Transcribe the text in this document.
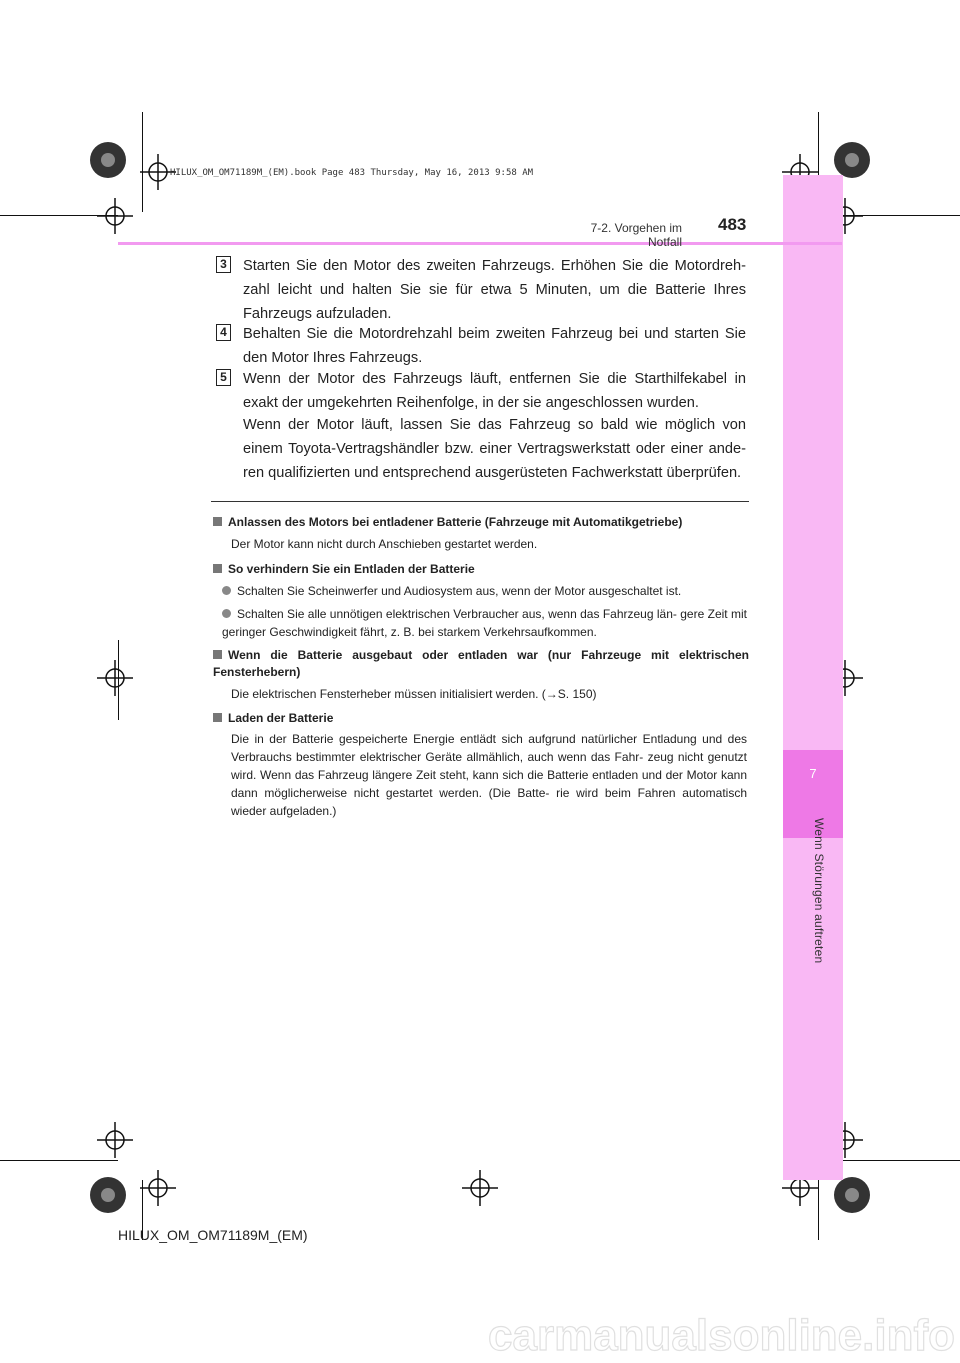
HILUX_OM_OM71189M_(EM).book Page 483 Thursday, May 16, 2013 9:58 AM
7
Wenn Störungen auftreten
7-2. Vorgehen im Notfall
483
3 Starten Sie den Motor des zweiten Fahrzeugs. Erhöhen Sie die Motordreh- zahl leicht und halten Sie sie für etwa 5 Minuten, um die Batterie Ihres Fahrzeugs aufzuladen.
4 Behalten Sie die Motordrehzahl beim zweiten Fahrzeug bei und starten Sie den Motor Ihres Fahrzeugs.
5 Wenn der Motor des Fahrzeugs läuft, entfernen Sie die Starthilfekabel in exakt der umgekehrten Reihenfolge, in der sie angeschlossen wurden.
Wenn der Motor läuft, lassen Sie das Fahrzeug so bald wie möglich von einem Toyota-Vertragshändler bzw. einer Vertragswerkstatt oder einer ande- ren qualifizierten und entsprechend ausgerüsteten Fachwerkstatt überprüfen.
Anlassen des Motors bei entladener Batterie (Fahrzeuge mit Automatikgetriebe)
Der Motor kann nicht durch Anschieben gestartet werden.
So verhindern Sie ein Entladen der Batterie
Schalten Sie Scheinwerfer und Audiosystem aus, wenn der Motor ausgeschaltet ist.
Schalten Sie alle unnötigen elektrischen Verbraucher aus, wenn das Fahrzeug län- gere Zeit mit geringer Geschwindigkeit fährt, z. B. bei starkem Verkehrsaufkommen.
Wenn die Batterie ausgebaut oder entladen war (nur Fahrzeuge mit elektrischen Fensterhebern)
Die elektrischen Fensterheber müssen initialisiert werden. (→S. 150)
Laden der Batterie
Die in der Batterie gespeicherte Energie entlädt sich aufgrund natürlicher Entladung und des Verbrauchs bestimmter elektrischer Geräte allmählich, auch wenn das Fahr- zeug nicht genutzt wird. Wenn das Fahrzeug längere Zeit steht, kann sich die Batterie entladen und der Motor kann dann möglicherweise nicht gestartet werden. (Die Batte- rie wird beim Fahren automatisch wieder aufgeladen.)
HILUX_OM_OM71189M_(EM)
carmanualsonline.info
